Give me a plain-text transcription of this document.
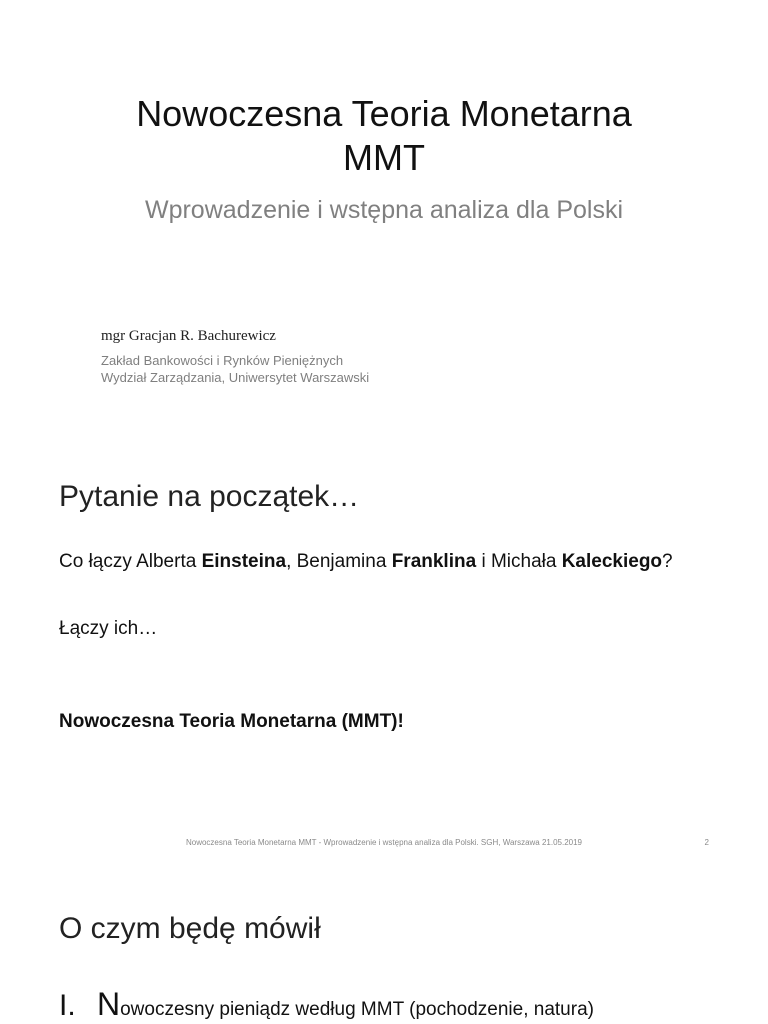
Nowoczesna Teoria Monetarna
MMT
Wprowadzenie i wstępna analiza dla Polski
mgr Gracjan R. Bachurewicz
Zakład Bankowości i Rynków Pieniężnych
Wydział Zarządzania, Uniwersytet Warszawski
Pytanie na początek…
Co łączy Alberta Einsteina, Benjamina Franklina i Michała Kaleckiego?
Łączy ich…
Nowoczesna Teoria Monetarna (MMT)!
Nowoczesna Teoria Monetarna MMT - Wprowadzenie i wstępna analiza dla Polski. SGH, Warszawa 21.05.2019	2
O czym będę mówił
I. Nowoczesny pieniądz według MMT (pochodzenie, natura)
